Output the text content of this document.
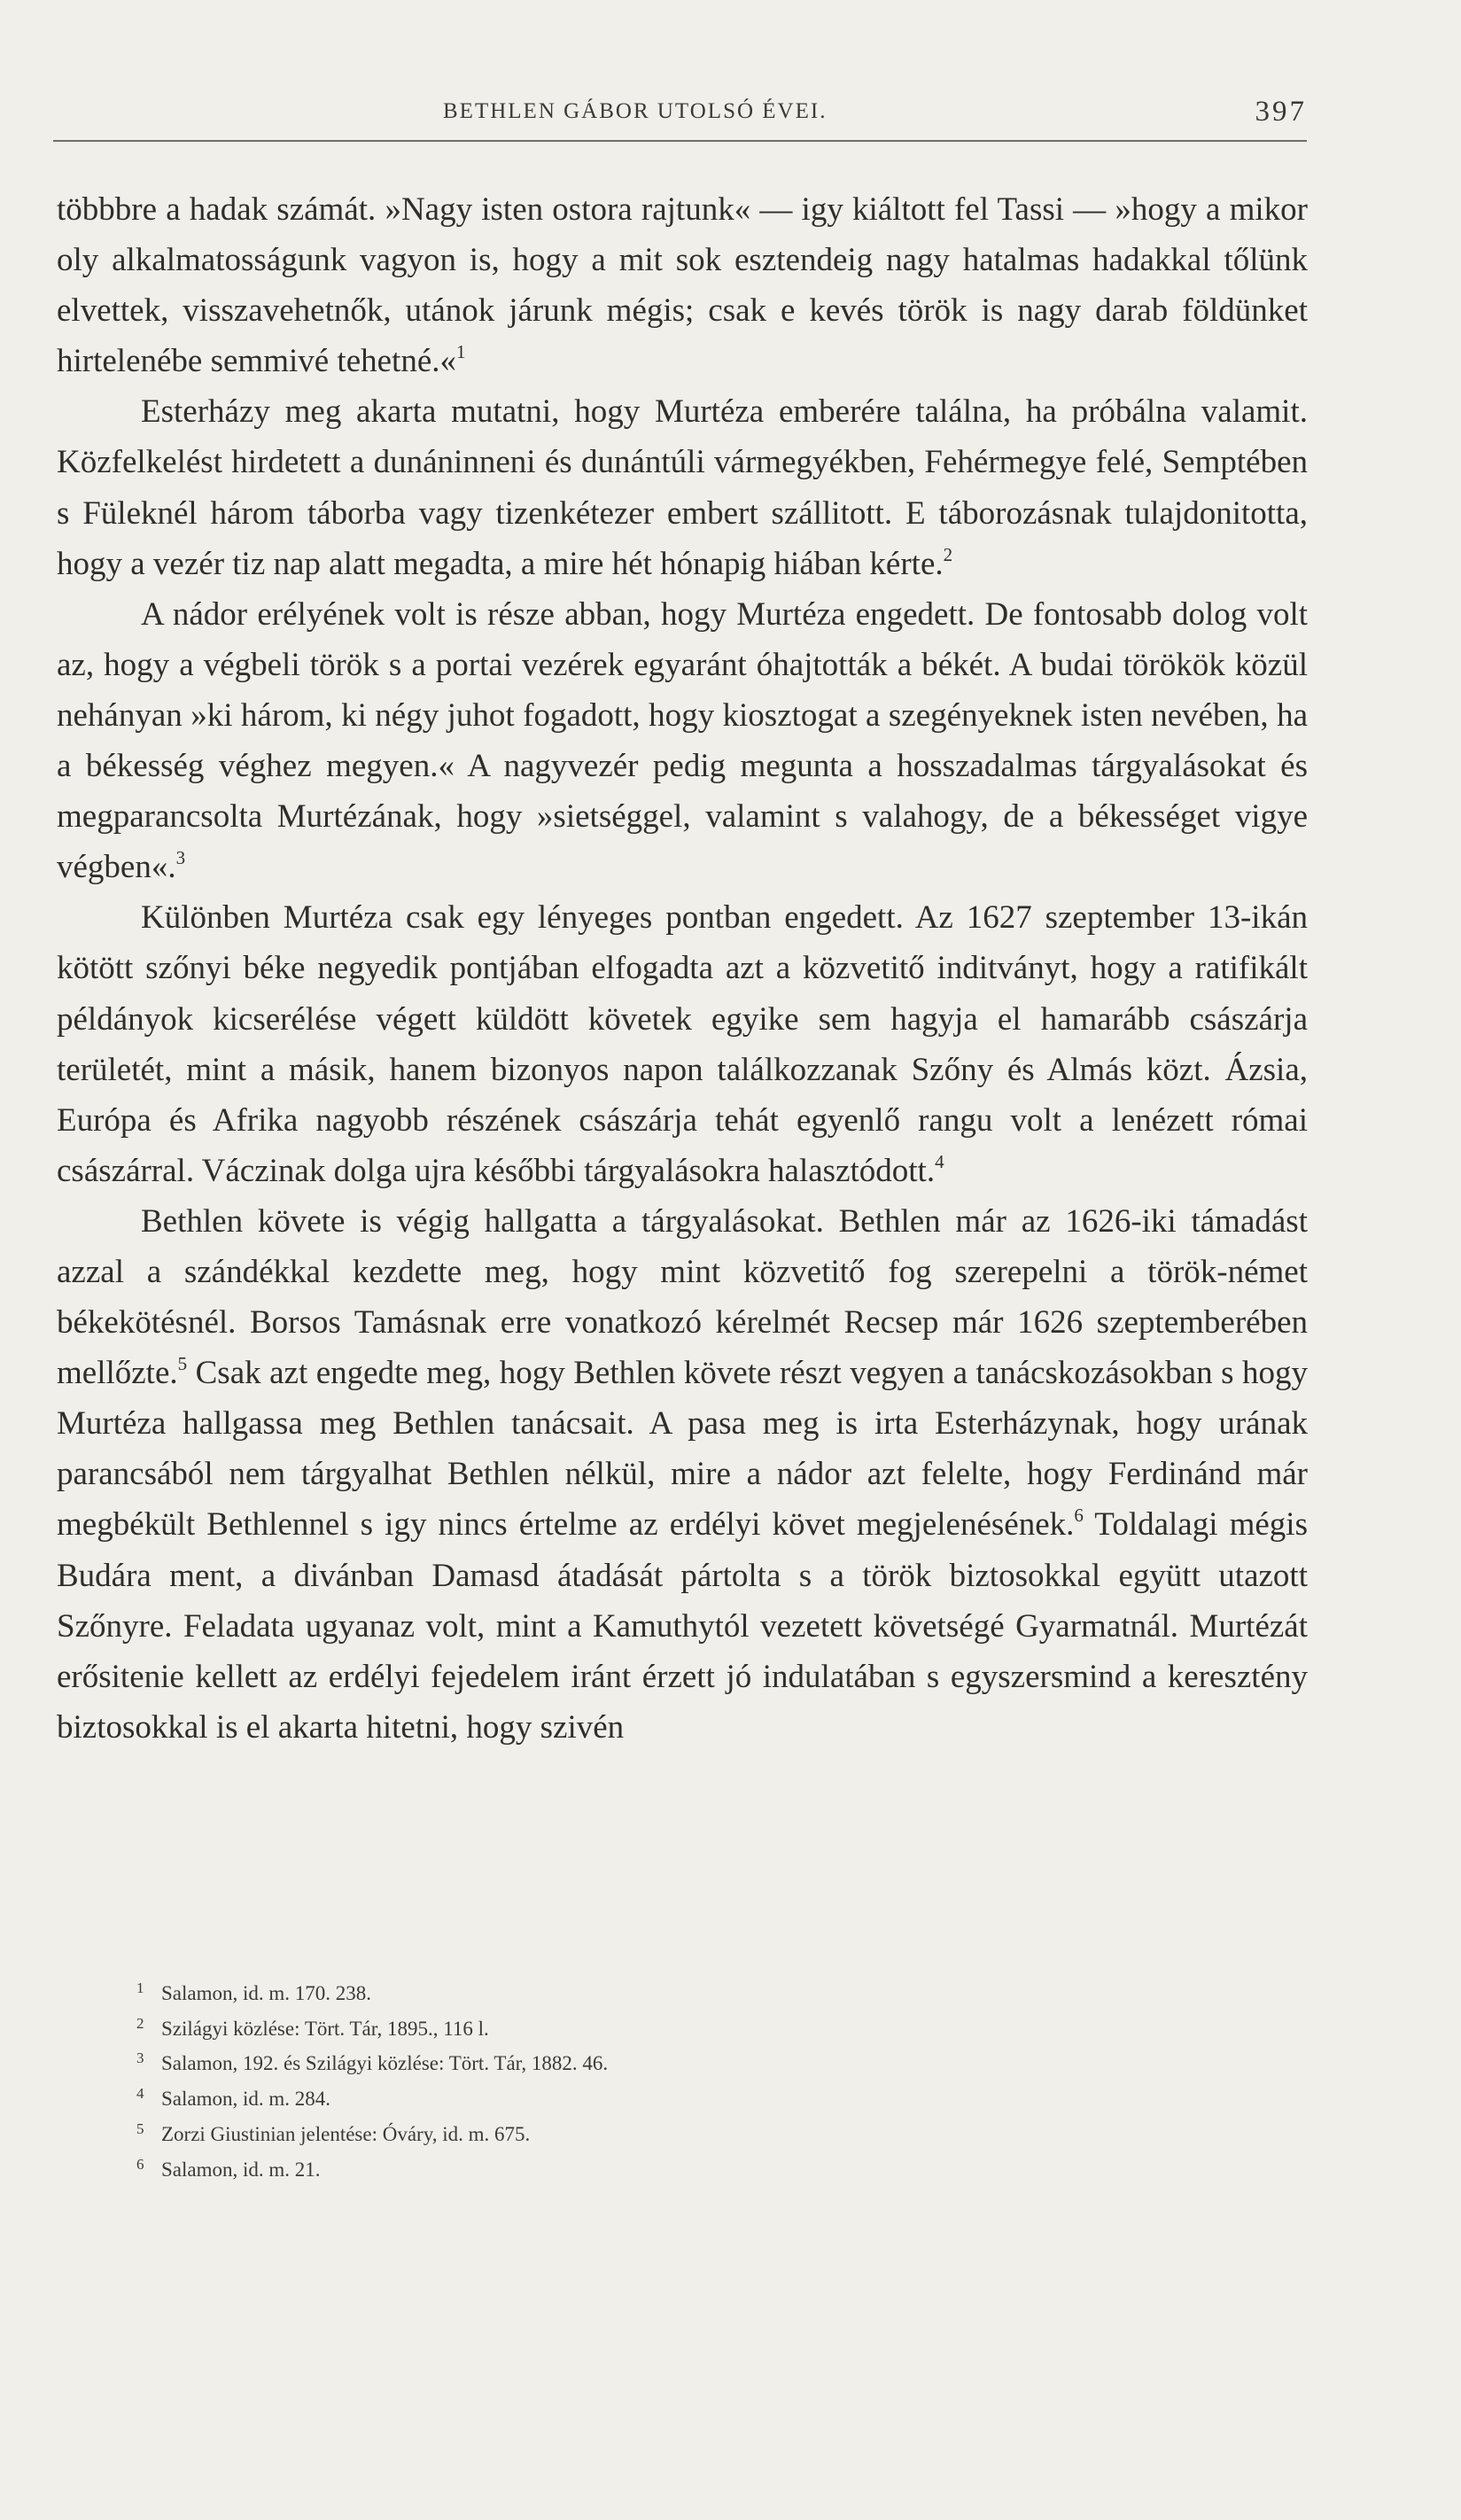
BETHLEN GÁBOR UTOLSÓ ÉVEI.	397

többbre a hadak számát. »Nagy isten ostora rajtunk« — igy kiáltott fel Tassi — »hogy a mikor oly alkalmatosságunk vagyon is, hogy a mit sok esztendeig nagy hatalmas hadakkal tőlünk elvettek, visszavehetnők, utánok járunk mégis; csak e kevés török is nagy darab földünket hirtelenébe semmivé tehetné.«$^1$

Esterházy meg akarta mutatni, hogy Murtéza emberére találna, ha próbálna valamit. Közfelkelést hirdetett a dunáninneni és dunántúli vármegyékben, Fehérmegye felé, Semptében s Füleknél három táborba vagy tizenkétezer embert szállitott. E táborozásnak tulajdonitotta, hogy a vezér tiz nap alatt megadta, a mire hét hónapig hiában kérte.$^2$

A nádor erélyének volt is része abban, hogy Murtéza engedett. De fontosabb dolog volt az, hogy a végbeli török s a portai vezérek egyaránt óhajtották a békét. A budai törökök közül nehányan »ki három, ki négy juhot fogadott, hogy kiosztogat a szegényeknek isten nevében, ha a békesség véghez megyen.« A nagyvezér pedig megunta a hosszadalmas tárgyalásokat és megparancsolta Murtézának, hogy »sietséggel, valamint s valahogy, de a békességet vigye végben«.$^3$

Különben Murtéza csak egy lényeges pontban engedett. Az 1627 szeptember 13-ikán kötött szőnyi béke negyedik pontjában elfogadta azt a közvetitő inditványt, hogy a ratifikált példányok kicserélése végett küldött követek egyike sem hagyja el hamarább császárja területét, mint a másik, hanem bizonyos napon találkozzanak Szőny és Almás közt. Ázsia, Európa és Afrika nagyobb részének császárja tehát egyenlő rangu volt a lenézett római császárral. Váczinak dolga ujra későbbi tárgyalásokra halasztódott.$^4$

Bethlen követe is végig hallgatta a tárgyalásokat. Bethlen már az 1626-iki támadást azzal a szándékkal kezdette meg, hogy mint közvetitő fog szerepelni a török-német békekötésnél. Borsos Tamásnak erre vonatkozó kérelmét Recsep már 1626 szeptemberében mellőzte.$^5$ Csak azt engedte meg, hogy Bethlen követe részt vegyen a tanácskozásokban s hogy Murtéza hallgassa meg Bethlen tanácsait. A pasa meg is irta Esterházynak, hogy urának parancsából nem tárgyalhat Bethlen nélkül, mire a nádor azt felelte, hogy Ferdinánd már megbékült Bethlennel s igy nincs értelme az erdélyi követ megjelenésének.$^6$ Toldalagi mégis Budára ment, a divánban Damasd átadását pártolta s a török biztosokkal együtt utazott Szőnyre. Feladata ugyanaz volt, mint a Kamuthytól vezetett követségé Gyarmatnál. Murtézát erősitenie kellett az erdélyi fejedelem iránt érzett jó indulatában s egyszersmind a keresztény biztosokkal is el akarta hitetni, hogy szivén

1 Salamon, id. m. 170. 238.
2 Szilágyi közlése: Tört. Tár, 1895., 116 l.
3 Salamon, 192. és Szilágyi közlése: Tört. Tár, 1882. 46.
4 Salamon, id. m. 284.
5 Zorzi Giustinian jelentése: Óváry, id. m. 675.
6 Salamon, id. m. 21.
